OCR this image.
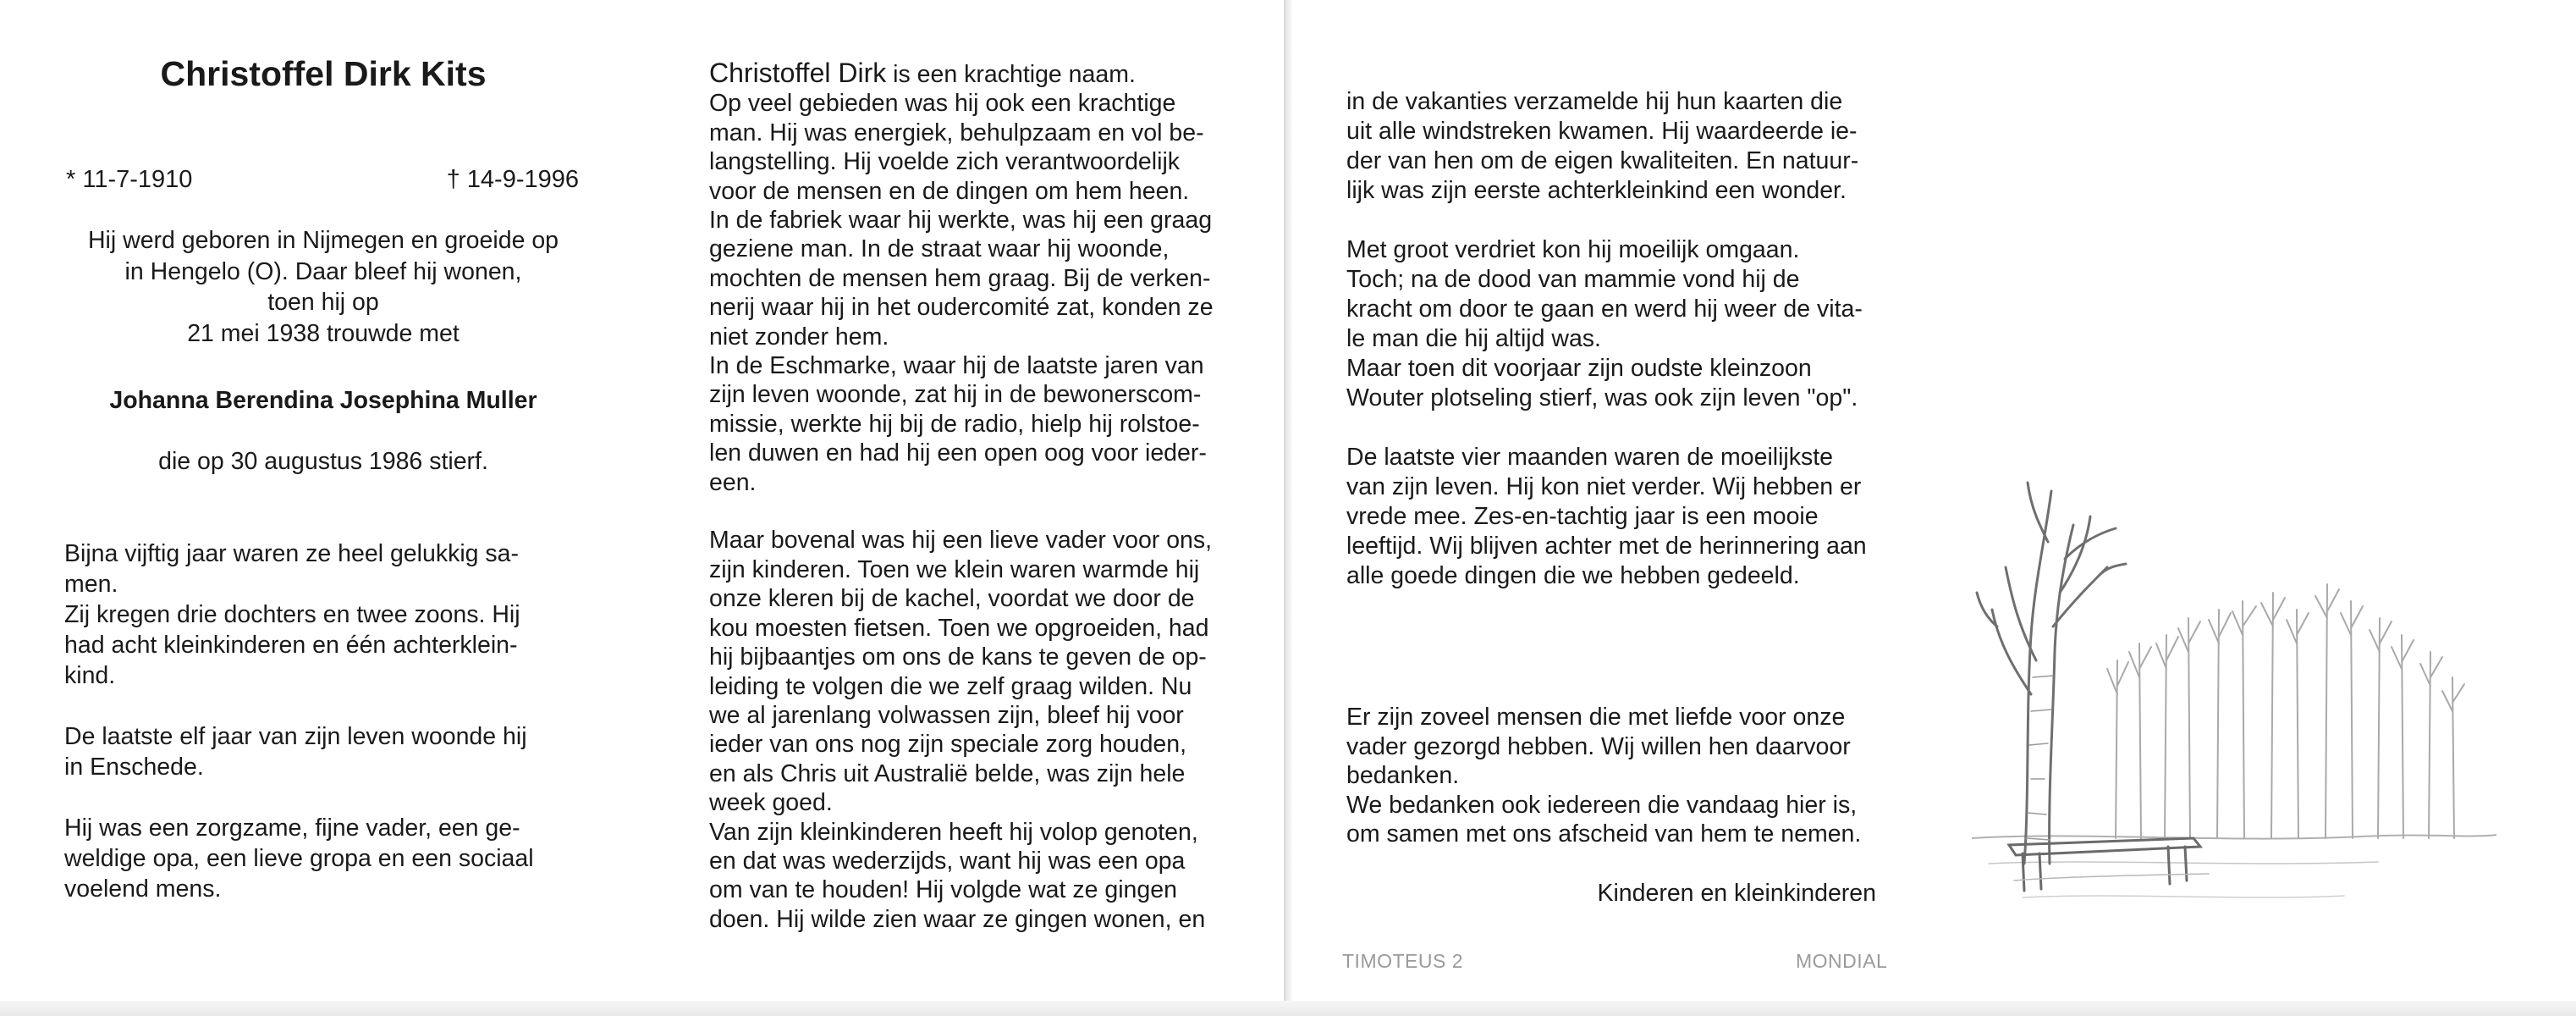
Christoffel Dirk Kits
* 11-7-1910	† 14-9-1996

Hij werd geboren in Nijmegen en groeide op
in Hengelo (O). Daar bleef hij wonen,
toen hij op
21 mei 1938 trouwde met

Johanna Berendina Josephina Muller
die op 30 augustus 1986 stierf.

Bijna vijftig jaar waren ze heel gelukkig sa-
men.
Zij kregen drie dochters en twee zoons. Hij
had acht kleinkinderen en één achterklein-
kind.

De laatste elf jaar van zijn leven woonde hij
in Enschede.

Hij was een zorgzame, fijne vader, een ge-
weldige opa, een lieve gropa en een sociaal
voelend mens.

Christoffel Dirk is een krachtige naam.

Op veel gebieden was hij ook een krachtige
man. Hij was energiek, behulpzaam en vol be-
langstelling. Hij voelde zich verantwoordelijk
voor de mensen en de dingen om hem heen.
In de fabriek waar hij werkte, was hij een graag
geziene man. In de straat waar hij woonde,
mochten de mensen hem graag. Bij de verken-
nerij waar hij in het oudercomité zat, konden ze
niet zonder hem.
In de Eschmarke, waar hij de laatste jaren van
zijn leven woonde, zat hij in de bewonerscom-
missie, werkte hij bij de radio, hielp hij rolstoe-
len duwen en had hij een open oog voor ieder-
een.

Maar bovenal was hij een lieve vader voor ons,
zijn kinderen. Toen we klein waren warmde hij
onze kleren bij de kachel, voordat we door de
kou moesten fietsen. Toen we opgroeiden, had
hij bijbaantjes om ons de kans te geven de op-
leiding te volgen die we zelf graag wilden. Nu
we al jarenlang volwassen zijn, bleef hij voor
ieder van ons nog zijn speciale zorg houden,
en als Chris uit Australië belde, was zijn hele
week goed.
Van zijn kleinkinderen heeft hij volop genoten,
en dat was wederzijds, want hij was een opa
om van te houden! Hij volgde wat ze gingen
doen. Hij wilde zien waar ze gingen wonen, en

in de vakanties verzamelde hij hun kaarten die
uit alle windstreken kwamen. Hij waardeerde ie-
der van hen om de eigen kwaliteiten. En natuur-
lijk was zijn eerste achterkleinkind een wonder.

Met groot verdriet kon hij moeilijk omgaan.
Toch; na de dood van mammie vond hij de
kracht om door te gaan en werd hij weer de vita-
le man die hij altijd was.
Maar toen dit voorjaar zijn oudste kleinzoon
Wouter plotseling stierf, was ook zijn leven "op".

De laatste vier maanden waren de moeilijkste
van zijn leven. Hij kon niet verder. Wij hebben er
vrede mee. Zes-en-tachtig jaar is een mooie
leeftijd. Wij blijven achter met de herinnering aan
alle goede dingen die we hebben gedeeld.

Er zijn zoveel mensen die met liefde voor onze
vader gezorgd hebben. Wij willen hen daarvoor
bedanken.
We bedanken ook iedereen die vandaag hier is,
om samen met ons afscheid van hem te nemen.

Kinderen en kleinkinderen
TIMOTEUS 2	MONDIAL
